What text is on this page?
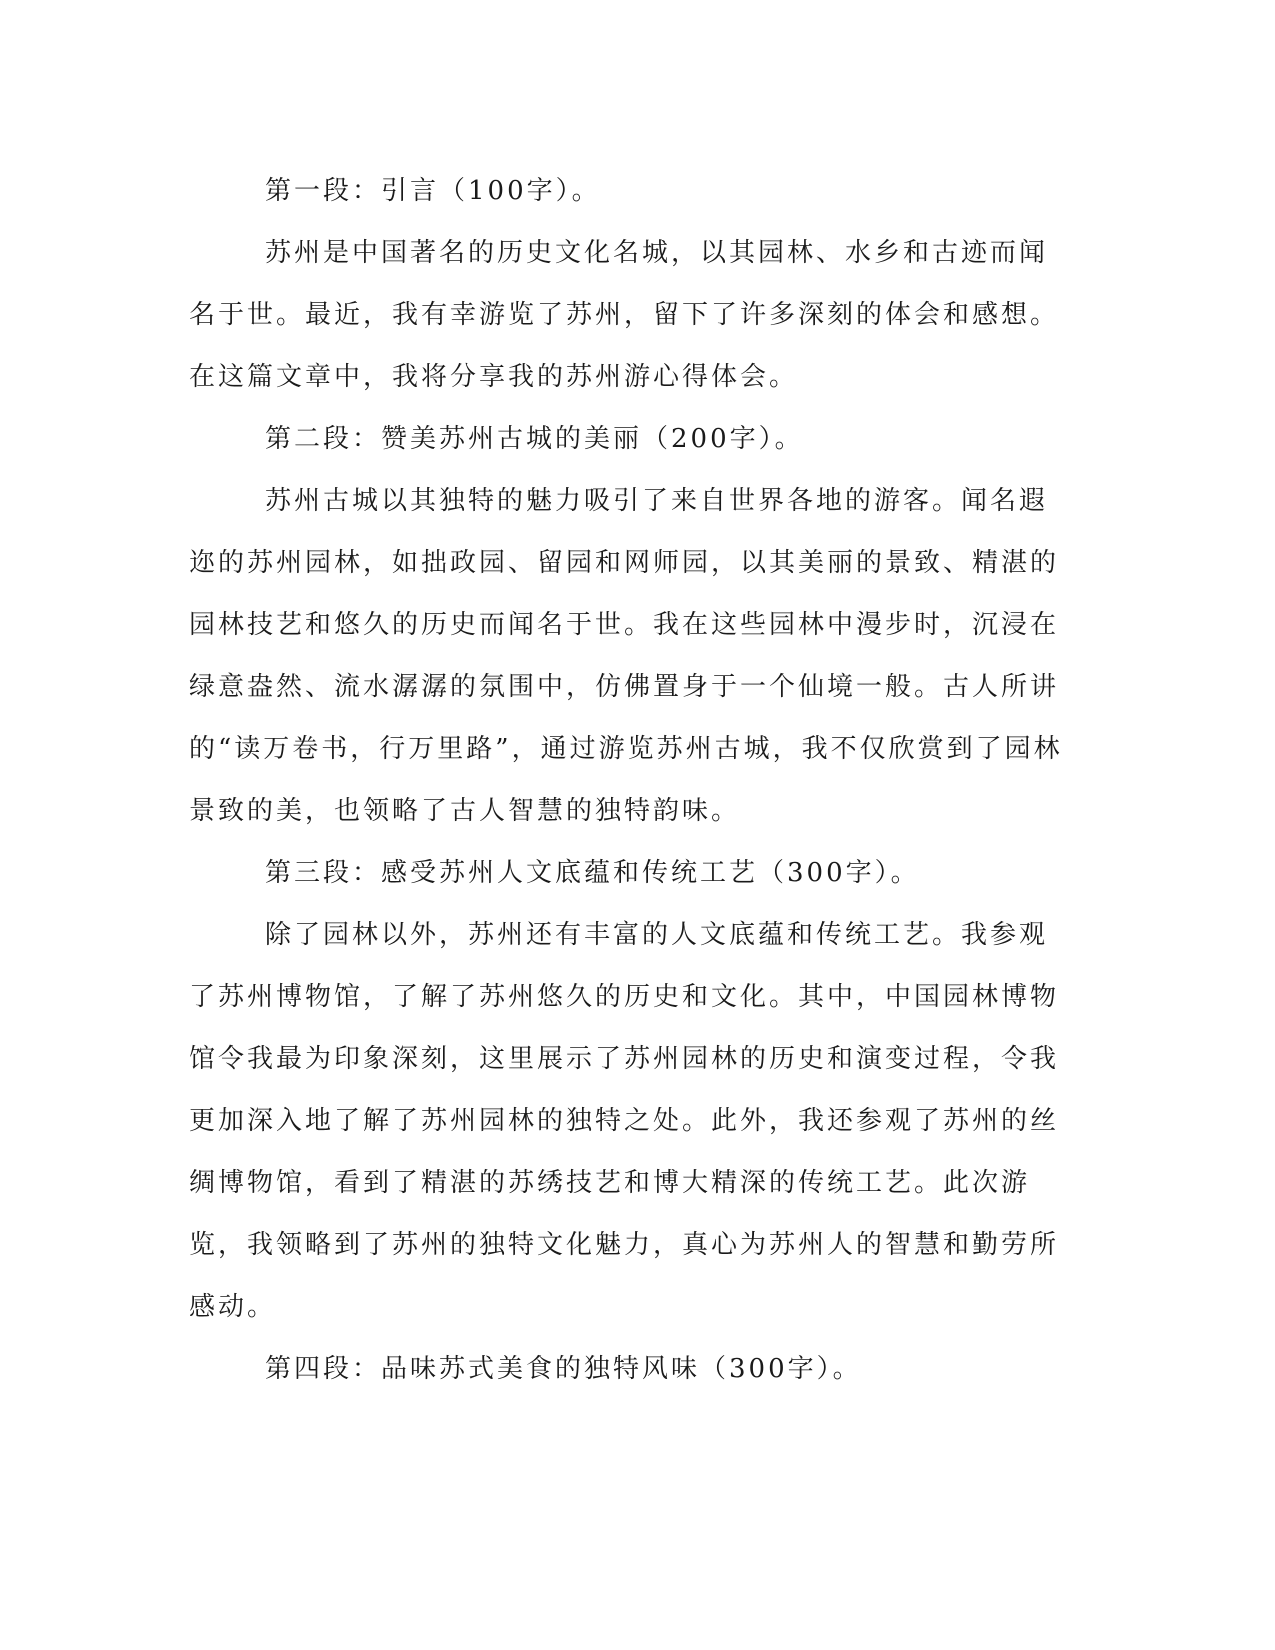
第一段：引言（100字）。

苏州是中国著名的历史文化名城，以其园林、水乡和古迹而闻名于世。最近，我有幸游览了苏州，留下了许多深刻的体会和感想。在这篇文章中，我将分享我的苏州游心得体会。

第二段：赞美苏州古城的美丽（200字）。

苏州古城以其独特的魅力吸引了来自世界各地的游客。闻名遐迩的苏州园林，如拙政园、留园和网师园，以其美丽的景致、精湛的园林技艺和悠久的历史而闻名于世。我在这些园林中漫步时，沉浸在绿意盎然、流水潺潺的氛围中，仿佛置身于一个仙境一般。古人所讲的“读万卷书，行万里路”，通过游览苏州古城，我不仅欣赏到了园林景致的美，也领略了古人智慧的独特韵味。

第三段：感受苏州人文底蕴和传统工艺（300字）。

除了园林以外，苏州还有丰富的人文底蕴和传统工艺。我参观了苏州博物馆，了解了苏州悠久的历史和文化。其中，中国园林博物馆令我最为印象深刻，这里展示了苏州园林的历史和演变过程，令我更加深入地了解了苏州园林的独特之处。此外，我还参观了苏州的丝绸博物馆，看到了精湛的苏绣技艺和博大精深的传统工艺。此次游览，我领略到了苏州的独特文化魅力，真心为苏州人的智慧和勤劳所感动。

第四段：品味苏式美食的独特风味（300字）。
